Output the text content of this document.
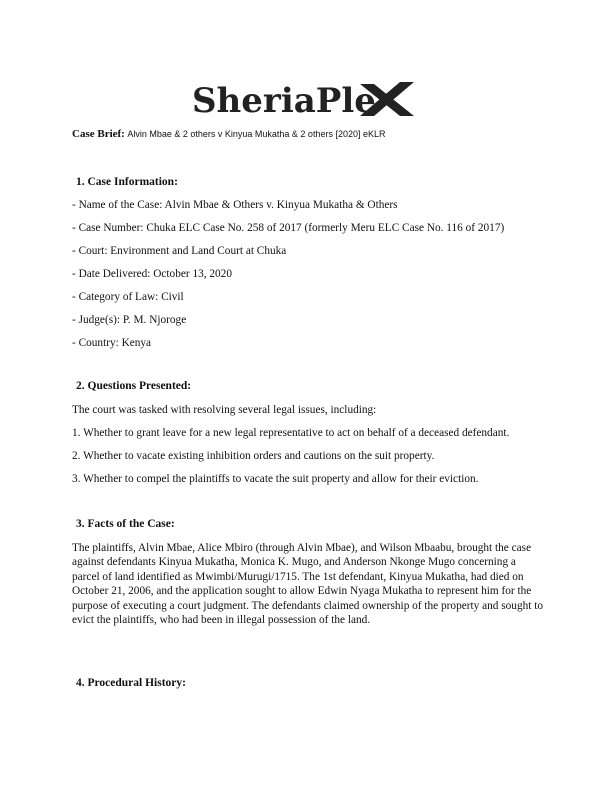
SheriaPle
Case Brief: Alvin Mbae & 2 others v Kinyua Mukatha & 2 others [2020] eKLR
1. Case Information:
- Name of the Case: Alvin Mbae & Others v. Kinyua Mukatha & Others
- Case Number: Chuka ELC Case No. 258 of 2017 (formerly Meru ELC Case No. 116 of 2017)
- Court: Environment and Land Court at Chuka
- Date Delivered: October 13, 2020
- Category of Law: Civil
- Judge(s): P. M. Njoroge
- Country: Kenya
2. Questions Presented:
The court was tasked with resolving several legal issues, including:
1. Whether to grant leave for a new legal representative to act on behalf of a deceased defendant.
2. Whether to vacate existing inhibition orders and cautions on the suit property.
3. Whether to compel the plaintiffs to vacate the suit property and allow for their eviction.
3. Facts of the Case:
The plaintiffs, Alvin Mbae, Alice Mbiro (through Alvin Mbae), and Wilson Mbaabu, brought the case against defendants Kinyua Mukatha, Monica K. Mugo, and Anderson Nkonge Mugo concerning a parcel of land identified as Mwimbi/Murugi/1715. The 1st defendant, Kinyua Mukatha, had died on October 21, 2006, and the application sought to allow Edwin Nyaga Mukatha to represent him for the purpose of executing a court judgment. The defendants claimed ownership of the property and sought to evict the plaintiffs, who had been in illegal possession of the land.
4. Procedural History:
